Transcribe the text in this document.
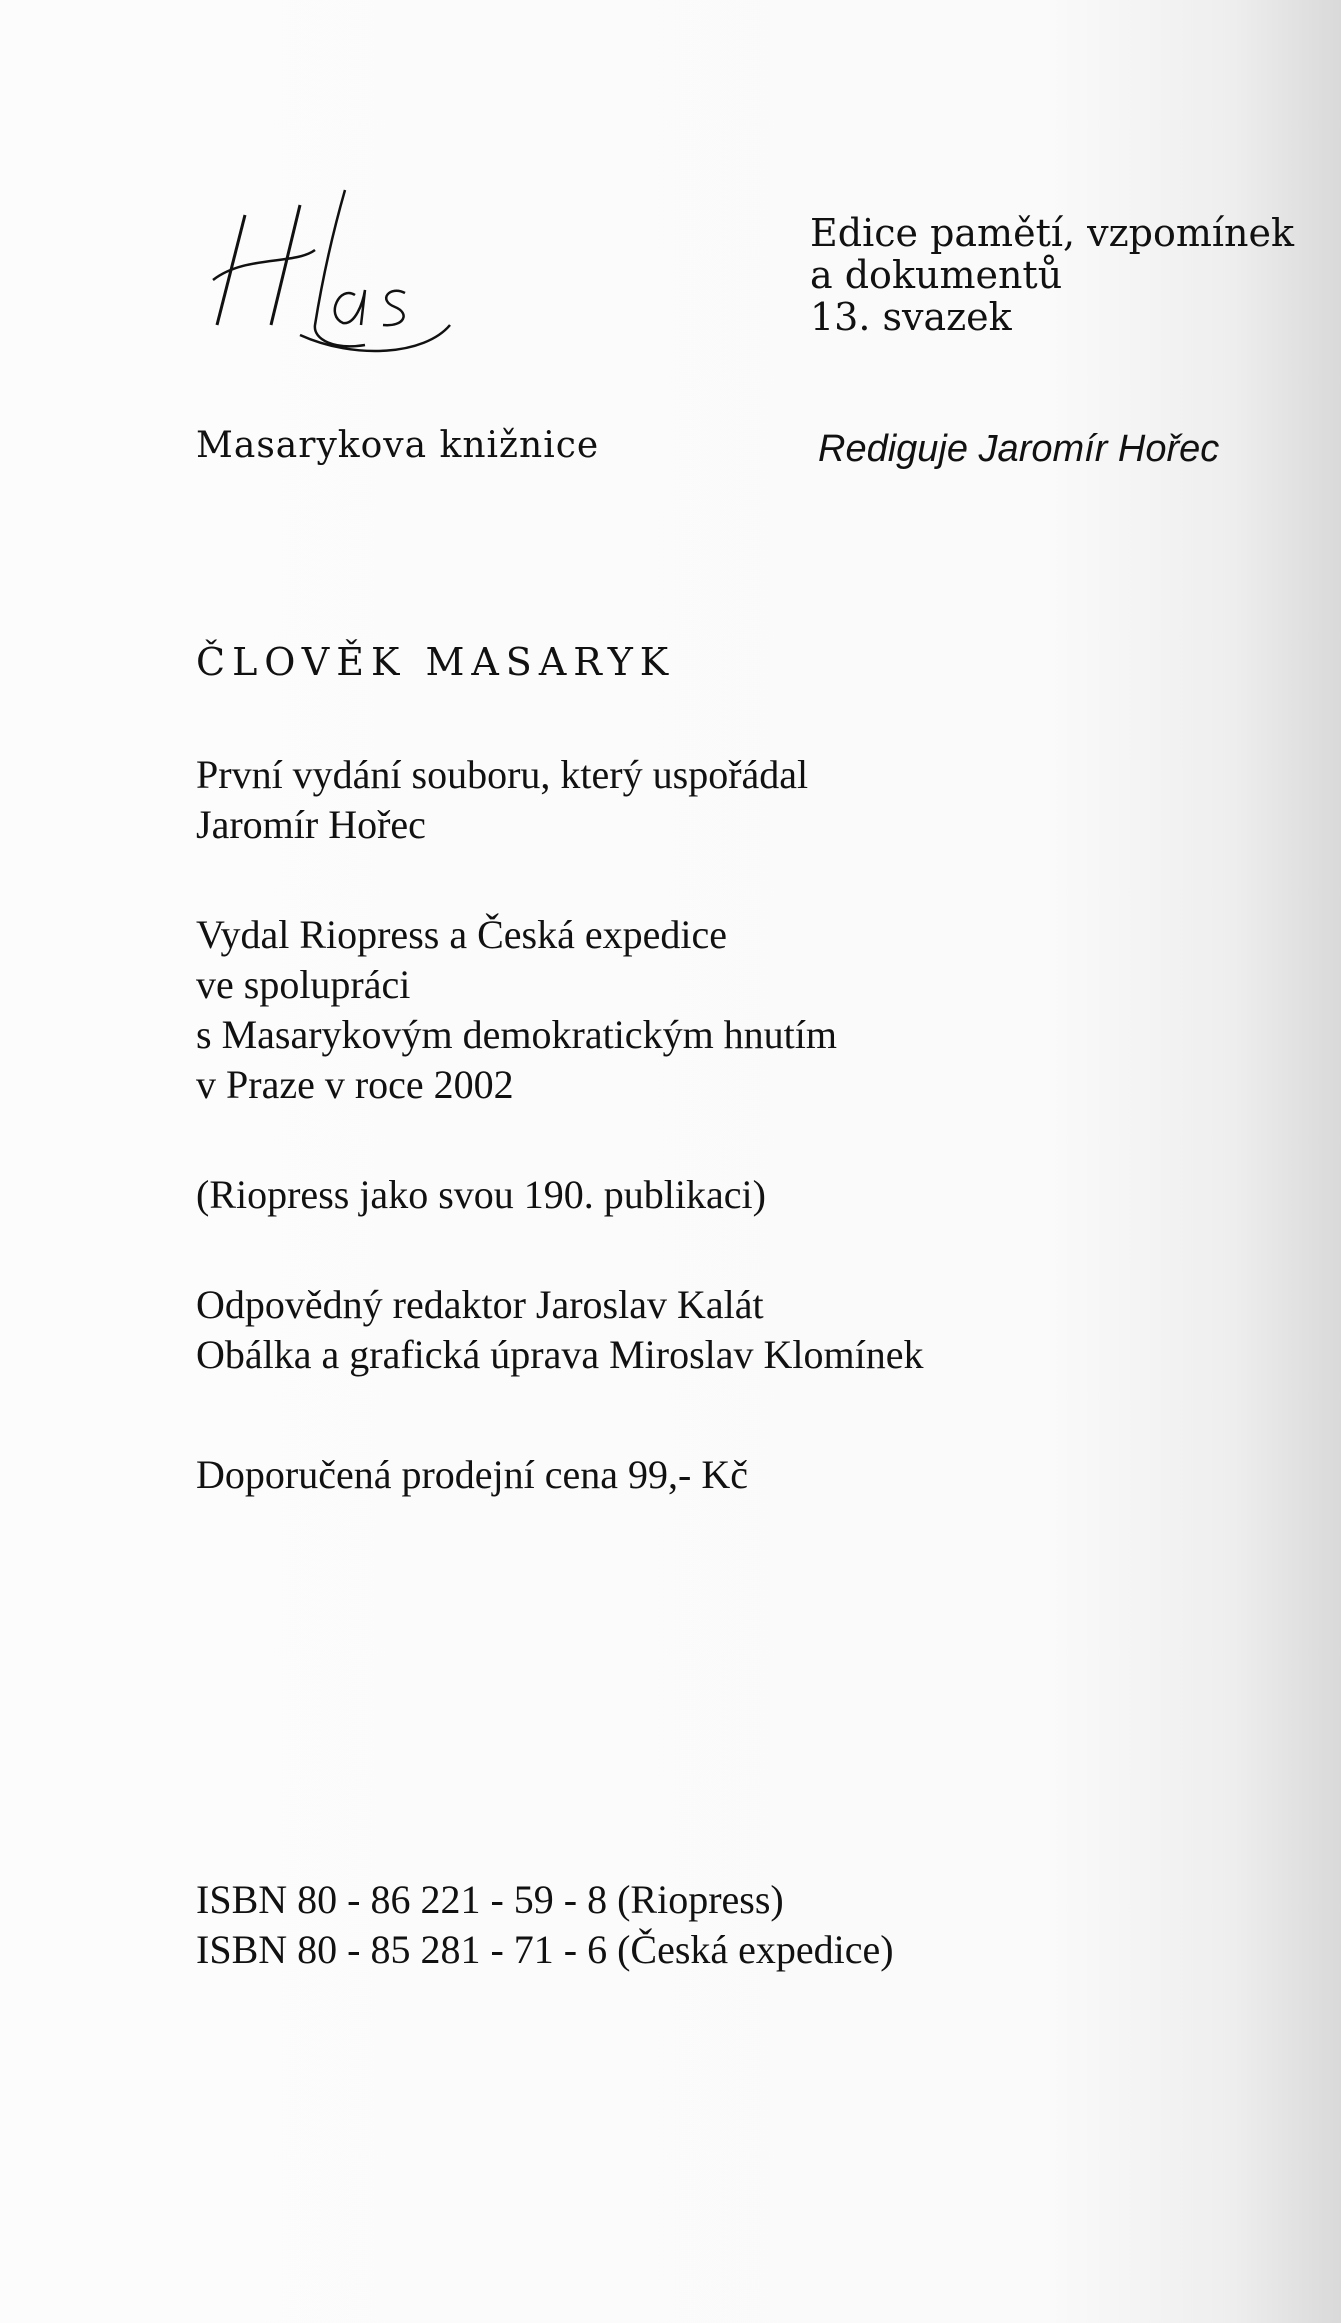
Edice pamětí, vzpomínek
a dokumentů
13. svazek
Masarykova knižnice	Rediguje Jaromír Hořec
ČLOVĚK MASARYK
První vydání souboru, který uspořádal
Jaromír Hořec
Vydal Riopress a Česká expedice
ve spolupráci
s Masarykovým demokratickým hnutím
v Praze v roce 2002
(Riopress jako svou 190. publikaci)
Odpovědný redaktor Jaroslav Kalát
Obálka a grafická úprava Miroslav Klomínek
Doporučená prodejní cena 99,- Kč
ISBN 80 - 86 221 - 59 - 8 (Riopress)
ISBN 80 - 85 281 - 71 - 6 (Česká expedice)
